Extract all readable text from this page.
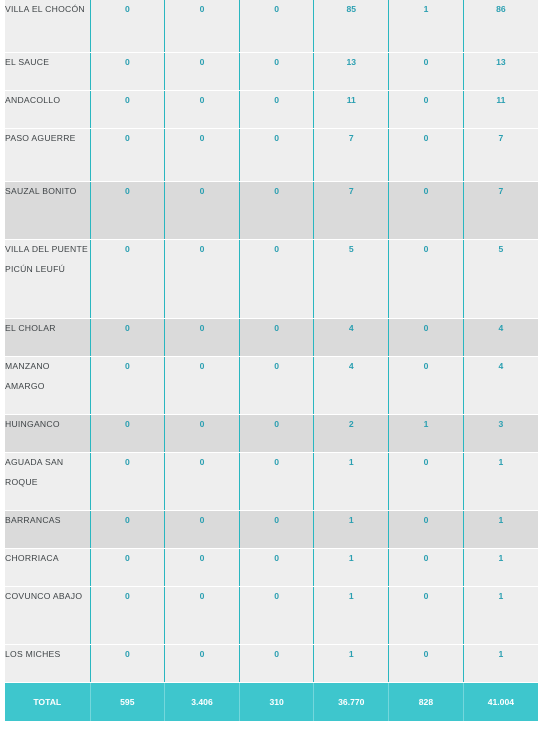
VILLA EL CHOCÓN	0	0	0	85	1	86
EL SAUCE	0	0	0	13	0	13
ANDACOLLO	0	0	0	11	0	11
PASO AGUERRE	0	0	0	7	0	7
SAUZAL BONITO	0	0	0	7	0	7
VILLA DEL PUENTE PICÚN LEUFÚ	0	0	0	5	0	5
EL CHOLAR	0	0	0	4	0	4
MANZANO AMARGO	0	0	0	4	0	4
HUINGANCO	0	0	0	2	1	3
AGUADA SAN ROQUE	0	0	0	1	0	1
BARRANCAS	0	0	0	1	0	1
CHORRIACA	0	0	0	1	0	1
COVUNCO ABAJO	0	0	0	1	0	1
LOS MICHES	0	0	0	1	0	1
TOTAL	595	3.406	310	36.770	828	41.004
